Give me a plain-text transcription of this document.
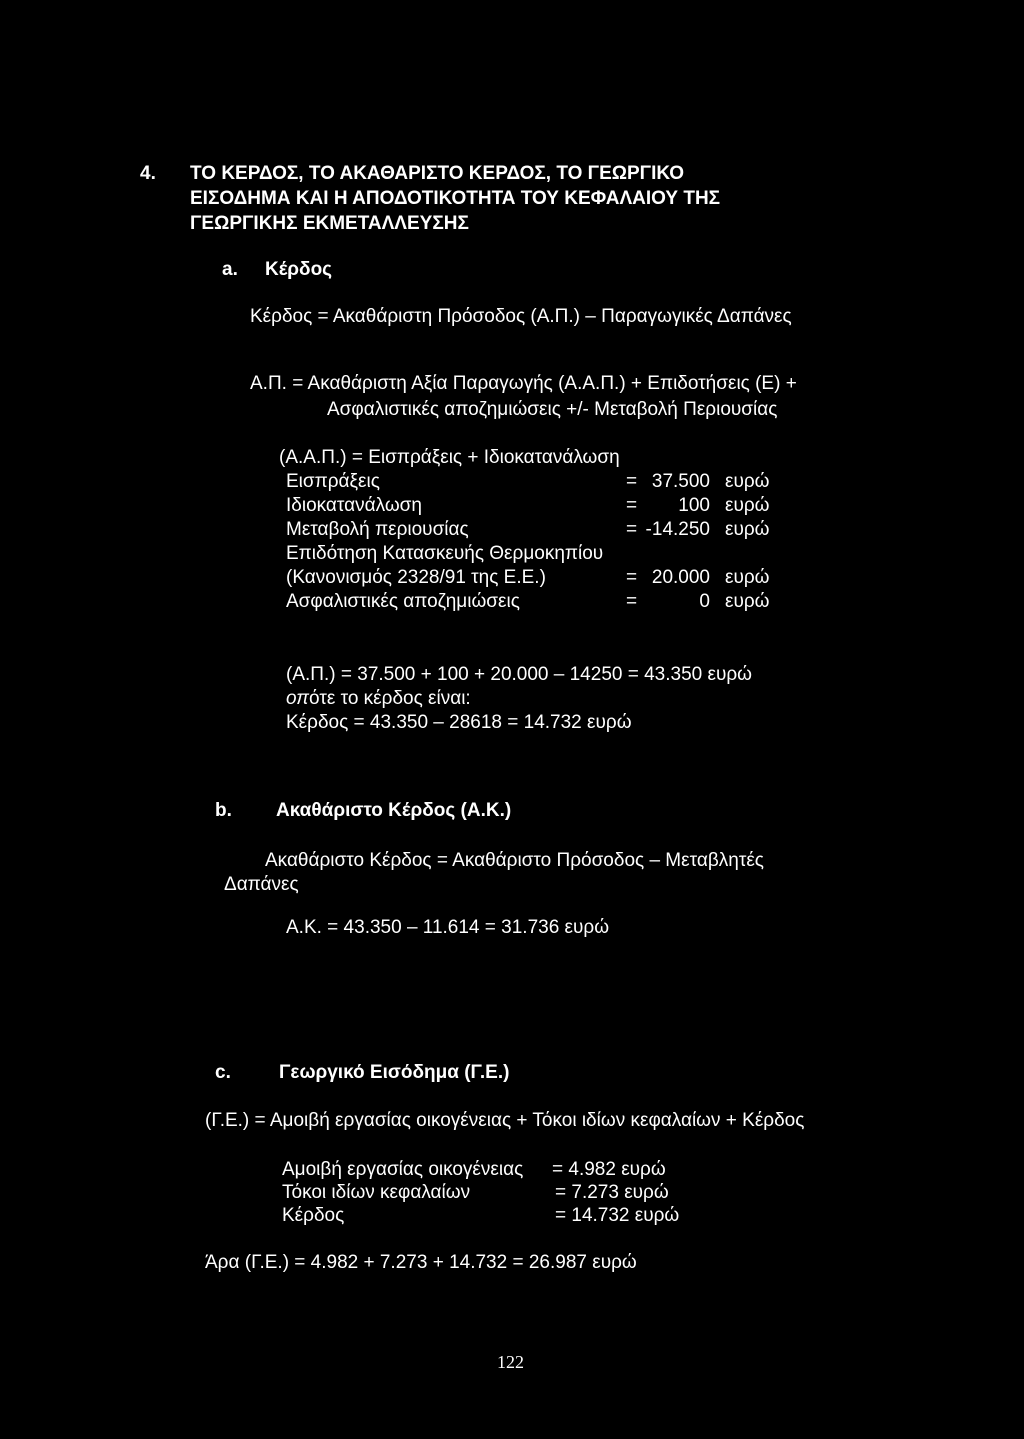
4. ΤΟ ΚΕΡΔΟΣ, ΤΟ ΑΚΑΘΑΡΙΣΤΟ ΚΕΡΔΟΣ, ΤΟ ΓΕΩΡΓΙΚΟ
ΕΙΣΟΔΗΜΑ ΚΑΙ Η ΑΠΟΔΟΤΙΚΟΤΗΤΑ ΤΟΥ ΚΕΦΑΛΑΙΟΥ ΤΗΣ
ΓΕΩΡΓΙΚΗΣ ΕΚΜΕΤΑΛΛΕΥΣΗΣ
a. Κέρδος
Κέρδος = Ακαθάριστη Πρόσοδος (Α.Π.) – Παραγωγικές Δαπάνες
Α.Π. = Ακαθάριστη Αξία Παραγωγής (Α.Α.Π.) + Επιδοτήσεις (Ε) +
Ασφαλιστικές αποζημιώσεις +/- Μεταβολή Περιουσίας
(Α.Α.Π.) = Εισπράξεις + Ιδιοκατανάλωση
Εισπράξεις	= 37.500 ευρώ
Ιδιοκατανάλωση	=	100 ευρώ
Μεταβολή περιουσίας	= -14.250 ευρώ
Επιδότηση Κατασκευής Θερμοκηπίου
(Κανονισμός 2328/91 της Ε.Ε.)	= 20.000 ευρώ
Ασφαλιστικές αποζημιώσεις	=	0 ευρώ
(Α.Π.) = 37.500 + 100 + 20.000 – 14250 = 43.350 ευρώ
οπότε το κέρδος είναι:
Κέρδος = 43.350 – 28618 = 14.732 ευρώ
b. Ακαθάριστο Κέρδος (Α.Κ.)
Ακαθάριστο Κέρδος = Ακαθάριστο Πρόσοδος – Μεταβλητές
Δαπάνες
Α.Κ. = 43.350 – 11.614 = 31.736 ευρώ
c.	Γεωργικό Εισόδημα (Γ.Ε.)
(Γ.Ε.) = Αμοιβή εργασίας οικογένειας + Τόκοι ιδίων κεφαλαίων + Κέρδος
Αμοιβή εργασίας οικογένειας = 4.982 ευρώ
Τόκοι ιδίων κεφαλαίων	= 7.273 ευρώ
Κέρδος	= 14.732 ευρώ
Άρα (Γ.Ε.) = 4.982 + 7.273 + 14.732 = 26.987 ευρώ
122
